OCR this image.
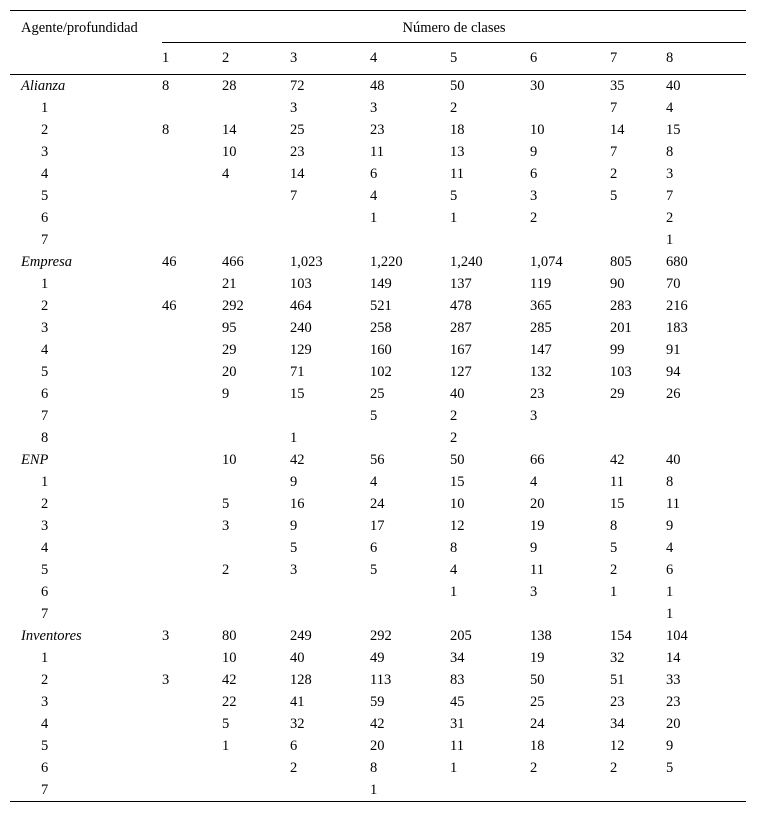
Agente/profundidad	Número de clases							
	1	2	3	4	5	6	7	8
Alianza	8	28	72	48	50	30	35	40
1			3	3	2		7	4
2	8	14	25	23	18	10	14	15
3		10	23	11	13	9	7	8
4		4	14	6	11	6	2	3
5			7	4	5	3	5	7
6				1	1	2		2
7								1
Empresa	46	466	1,023	1,220	1,240	1,074	805	680
1		21	103	149	137	119	90	70
2	46	292	464	521	478	365	283	216
3		95	240	258	287	285	201	183
4		29	129	160	167	147	99	91
5		20	71	102	127	132	103	94
6		9	15	25	40	23	29	26
7				5	2	3		
8			1		2			
ENP		10	42	56	50	66	42	40
1			9	4	15	4	11	8
2		5	16	24	10	20	15	11
3		3	9	17	12	19	8	9
4			5	6	8	9	5	4
5		2	3	5	4	11	2	6
6					1	3	1	1
7								1
Inventores	3	80	249	292	205	138	154	104
1		10	40	49	34	19	32	14
2	3	42	128	113	83	50	51	33
3		22	41	59	45	25	23	23
4		5	32	42	31	24	34	20
5		1	6	20	11	18	12	9
6			2	8	1	2	2	5
7				1				
